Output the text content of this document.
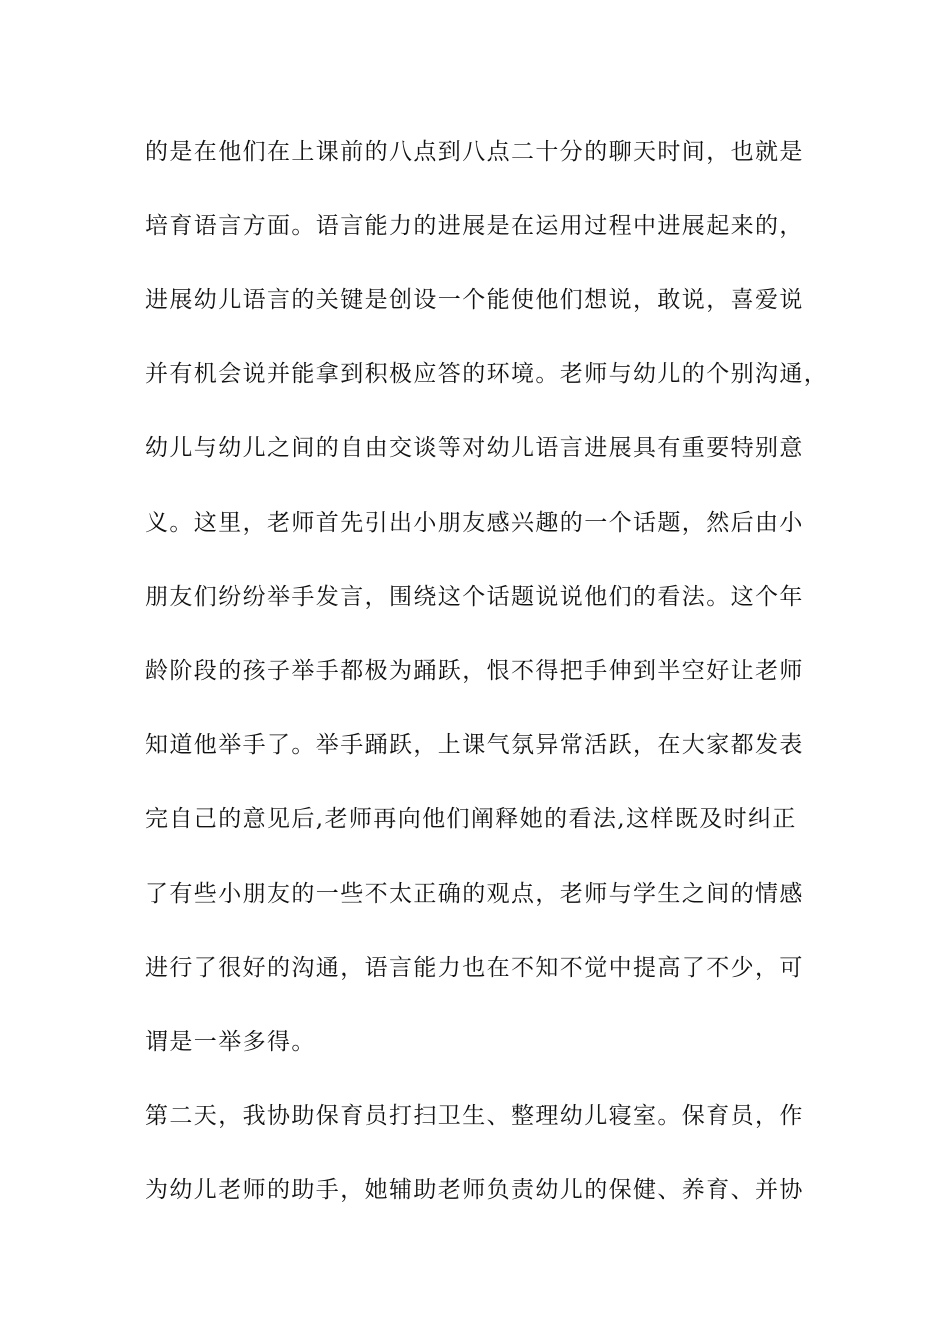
的是在他们在上课前的八点到八点二十分的聊天时间，也就是
培育语言方面。语言能力的进展是在运用过程中进展起来的，
进展幼儿语言的关键是创设一个能使他们想说，敢说，喜爱说
并有机会说并能拿到积极应答的环境。老师与幼儿的个别沟通，
幼儿与幼儿之间的自由交谈等对幼儿语言进展具有重要特别意
义。这里，老师首先引出小朋友感兴趣的一个话题，然后由小
朋友们纷纷举手发言，围绕这个话题说说他们的看法。这个年
龄阶段的孩子举手都极为踊跃，恨不得把手伸到半空好让老师
知道他举手了。举手踊跃，上课气氛异常活跃，在大家都发表
完自己的意见后,老师再向他们阐释她的看法,这样既及时纠正
了有些小朋友的一些不太正确的观点，老师与学生之间的情感
进行了很好的沟通，语言能力也在不知不觉中提高了不少，可
谓是一举多得。
第二天，我协助保育员打扫卫生、整理幼儿寝室。保育员，作
为幼儿老师的助手，她辅助老师负责幼儿的保健、养育、并协
